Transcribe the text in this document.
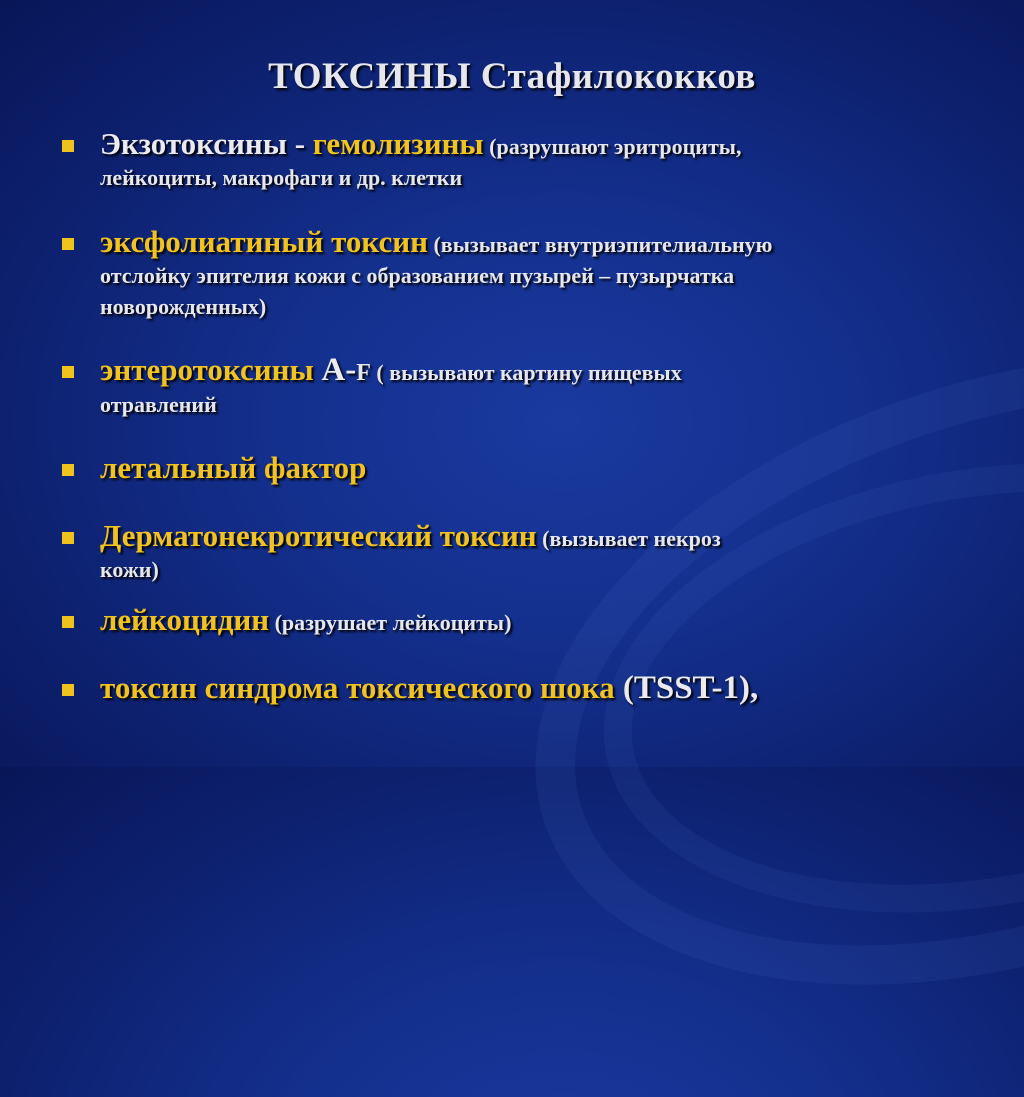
ТОКСИНЫ Стафилококков
Экзотоксины - гемолизины (разрушают эритроциты,
лейкоциты, макрофаги и др. клетки
эксфолиатиный токсин (вызывает внутриэпителиальную
отслойку эпителия кожи с образованием пузырей – пузырчатка
новорожденных)
энтеротоксины А-F ( вызывают картину пищевых
отравлений
летальный фактор
Дерматонекротический токсин (вызывает некроз
кожи)
лейкоцидин (разрушает лейкоциты)
токсин синдрома токсического шока (TSST-1),
